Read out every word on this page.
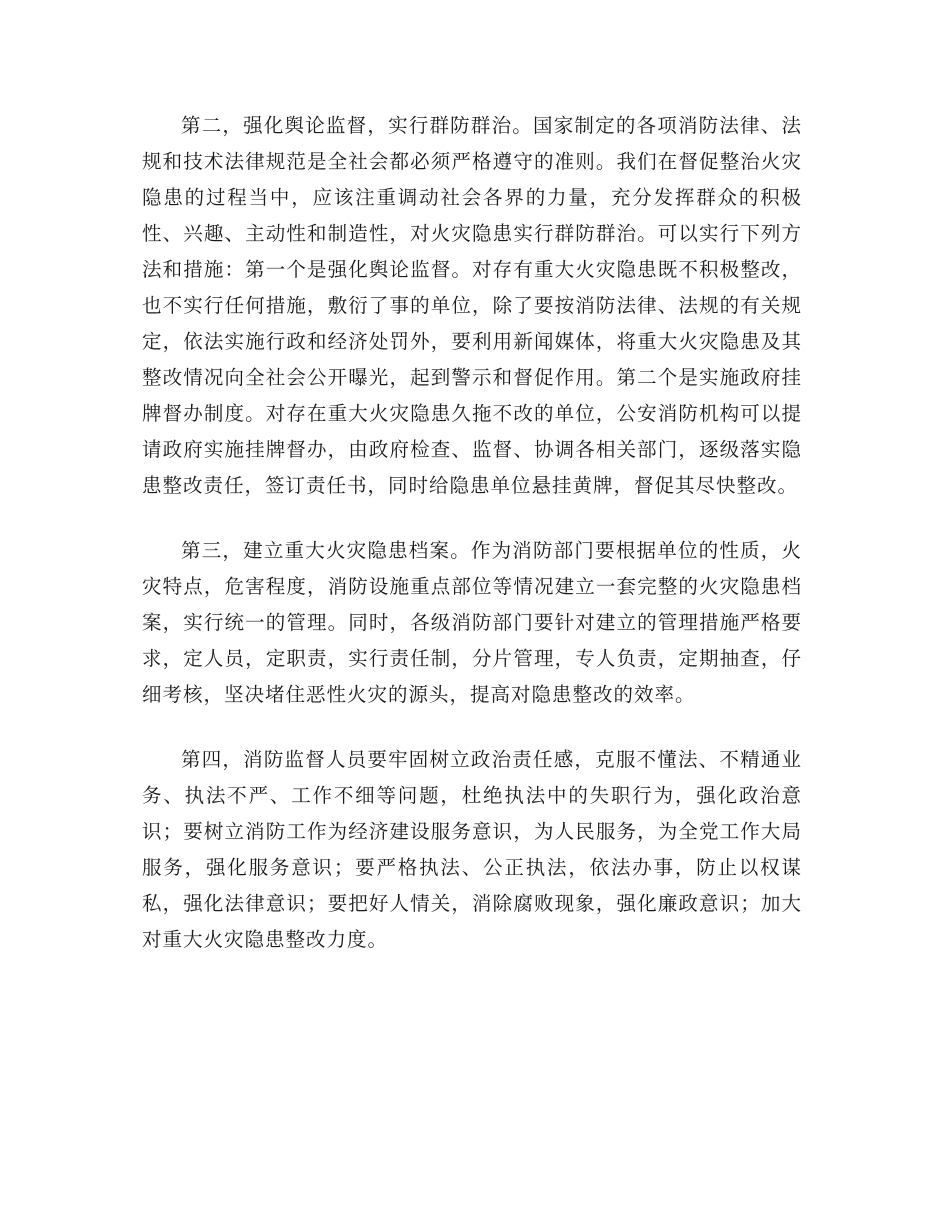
第二，强化舆论监督，实行群防群治。国家制定的各项消防法律、法规和技术法律规范是全社会都必须严格遵守的准则。我们在督促整治火灾隐患的过程当中，应该注重调动社会各界的力量，充分发挥群众的积极性、兴趣、主动性和制造性，对火灾隐患实行群防群治。可以实行下列方法和措施：第一个是强化舆论监督。对存有重大火灾隐患既不积极整改，也不实行任何措施，敷衍了事的单位，除了要按消防法律、法规的有关规定，依法实施行政和经济处罚外，要利用新闻媒体，将重大火灾隐患及其整改情况向全社会公开曝光，起到警示和督促作用。第二个是实施政府挂牌督办制度。对存在重大火灾隐患久拖不改的单位，公安消防机构可以提请政府实施挂牌督办，由政府检查、监督、协调各相关部门，逐级落实隐患整改责任，签订责任书，同时给隐患单位悬挂黄牌，督促其尽快整改。

第三，建立重大火灾隐患档案。作为消防部门要根据单位的性质，火灾特点，危害程度，消防设施重点部位等情况建立一套完整的火灾隐患档案，实行统一的管理。同时，各级消防部门要针对建立的管理措施严格要求，定人员，定职责，实行责任制，分片管理，专人负责，定期抽查，仔细考核，坚决堵住恶性火灾的源头，提高对隐患整改的效率。

第四，消防监督人员要牢固树立政治责任感，克服不懂法、不精通业务、执法不严、工作不细等问题，杜绝执法中的失职行为，强化政治意识；要树立消防工作为经济建设服务意识，为人民服务，为全党工作大局服务，强化服务意识；要严格执法、公正执法，依法办事，防止以权谋私，强化法律意识；要把好人情关，消除腐败现象，强化廉政意识；加大对重大火灾隐患整改力度。
